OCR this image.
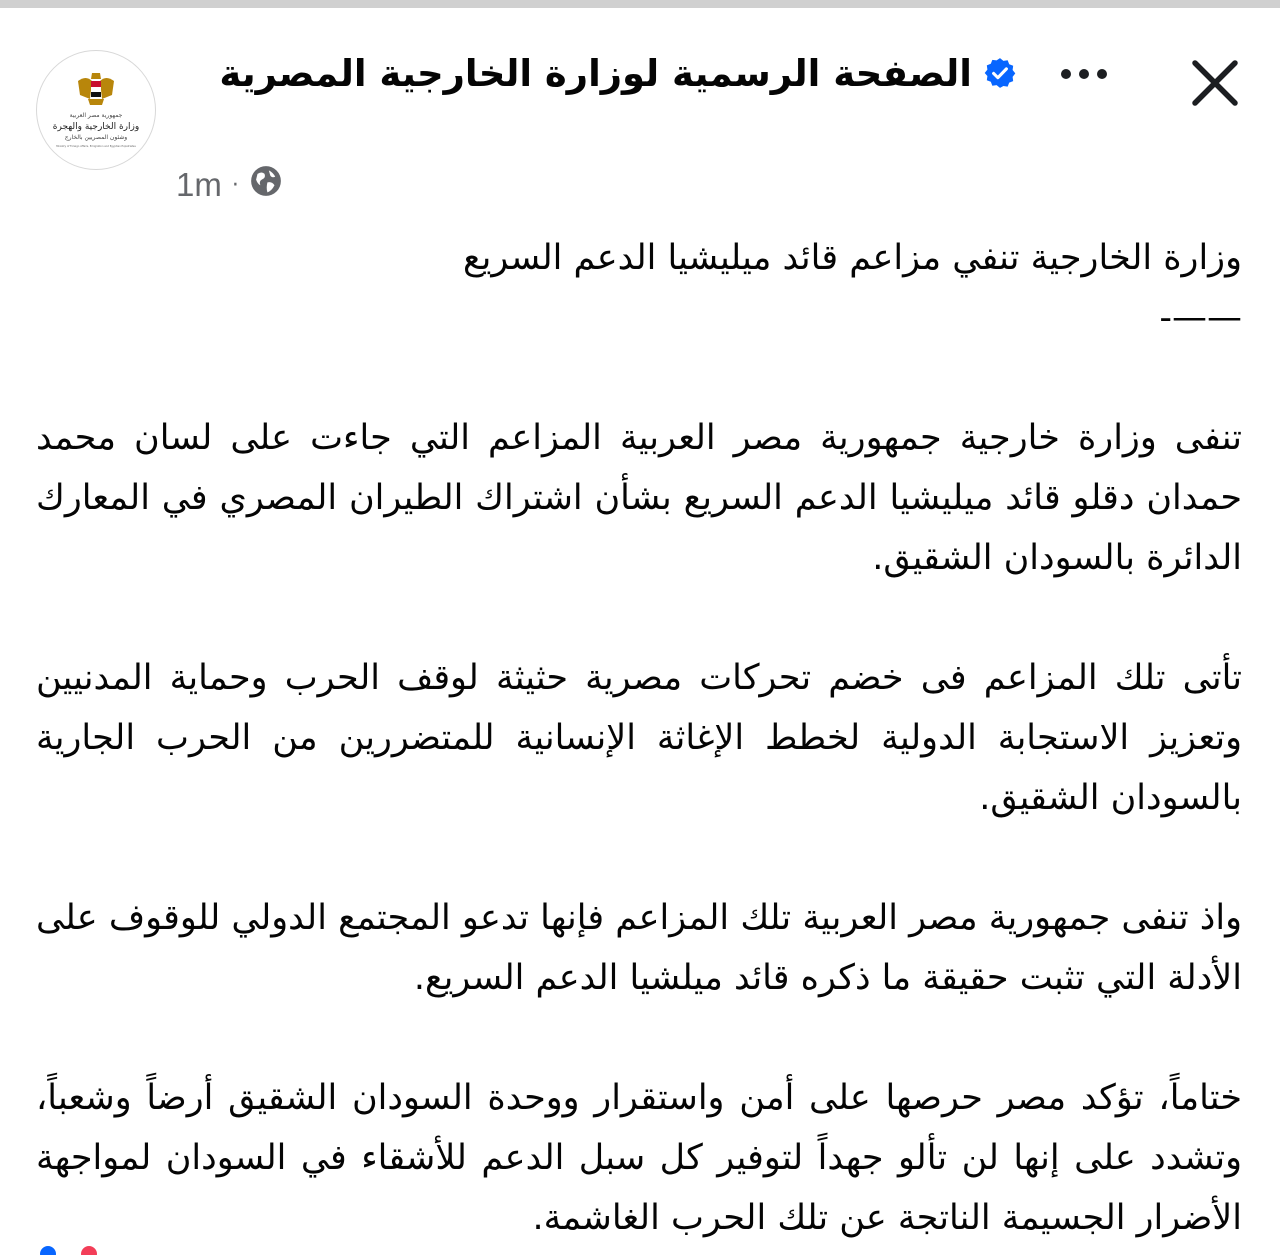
جمهورية مصر العربية
وزارة الخارجية والهجرة
وشئون المصريين بالخارج
Ministry of Foreign Affairs, Emigration and Egyptian Expatriates
الصفحة الرسمية لوزارة الخارجية المصرية
1m ·

وزارة الخارجية تنفي مزاعم قائد ميليشيا الدعم السريع

——-

تنفى وزارة خارجية جمهورية مصر العربية المزاعم التي جاءت على لسان محمد حمدان دقلو قائد ميليشيا الدعم السريع بشأن اشتراك الطيران المصري في المعارك الدائرة بالسودان الشقيق.

تأتى تلك المزاعم فى خضم تحركات مصرية حثيثة لوقف الحرب وحماية المدنيين وتعزيز الاستجابة الدولية لخطط الإغاثة الإنسانية للمتضررين من الحرب الجارية بالسودان الشقيق.

واذ تنفى جمهورية مصر العربية تلك المزاعم فإنها تدعو المجتمع الدولي للوقوف على الأدلة التي تثبت حقيقة ما ذكره قائد ميلشيا الدعم السريع.

ختاماً، تؤكد مصر حرصها على أمن واستقرار ووحدة السودان الشقيق أرضاً وشعباً، وتشدد على إنها لن تألو جهداً لتوفير كل سبل الدعم للأشقاء في السودان لمواجهة الأضرار الجسيمة الناتجة عن تلك الحرب الغاشمة.
